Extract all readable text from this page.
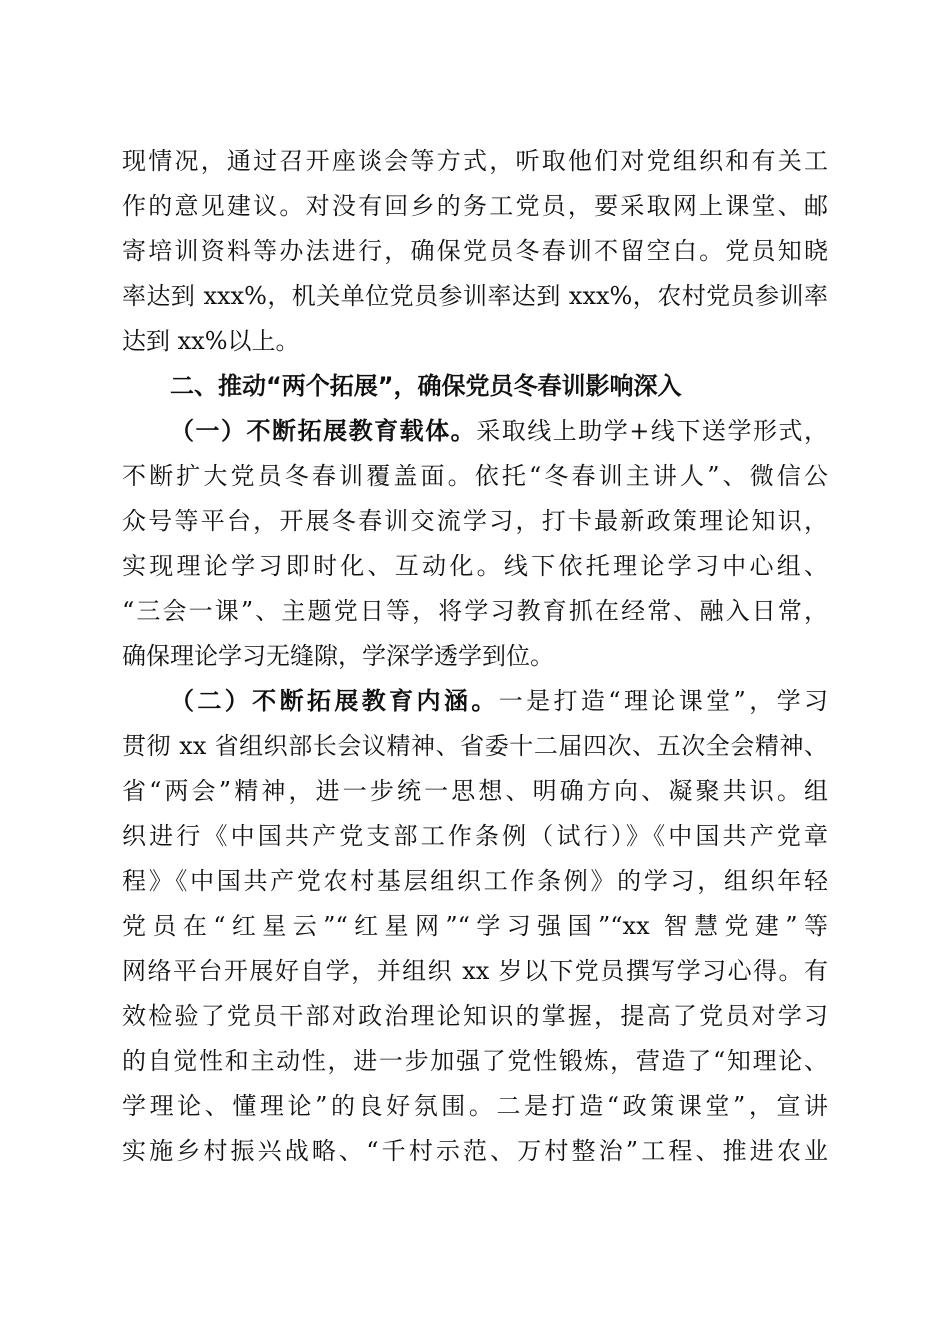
现情况，通过召开座谈会等方式，听取他们对党组织和有关工
作的意见建议。对没有回乡的务工党员，要采取网上课堂、邮
寄培训资料等办法进行，确保党员冬春训不留空白。党员知晓
率达到 xxx%，机关单位党员参训率达到 xxx%，农村党员参训率
达到 xx%以上。
二、推动“两个拓展”，确保党员冬春训影响深入
（一）不断拓展教育载体。采取线上助学+线下送学形式，
不断扩大党员冬春训覆盖面。依托“冬春训主讲人”、微信公
众号等平台，开展冬春训交流学习，打卡最新政策理论知识，
实现理论学习即时化、互动化。线下依托理论学习中心组、
“三会一课”、主题党日等，将学习教育抓在经常、融入日常，
确保理论学习无缝隙，学深学透学到位。
（二）不断拓展教育内涵。一是打造“理论课堂”，学习
贯彻 xx 省组织部长会议精神、省委十二届四次、五次全会精神、
省“两会”精神，进一步统一思想、明确方向、凝聚共识。组
织进行《中国共产党支部工作条例（试行）》《中国共产党章
程》《中国共产党农村基层组织工作条例》的学习，组织年轻
党员在“红星云”“红星网”“学习强国”“xx 智慧党建”等
网络平台开展好自学，并组织 xx 岁以下党员撰写学习心得。有
效检验了党员干部对政治理论知识的掌握，提高了党员对学习
的自觉性和主动性，进一步加强了党性锻炼，营造了“知理论、
学理论、懂理论”的良好氛围。二是打造“政策课堂”，宣讲
实施乡村振兴战略、“千村示范、万村整治”工程、推进农业
